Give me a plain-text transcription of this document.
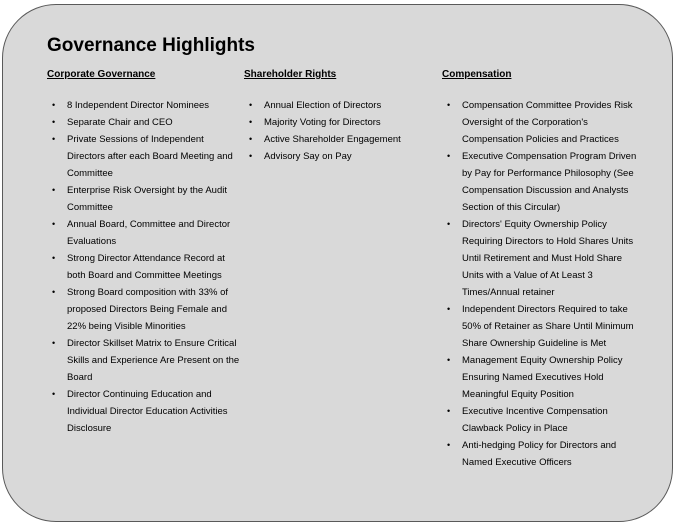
Governance Highlights
Corporate Governance
• 8 Independent Director Nominees
• Separate Chair and CEO
• Private Sessions of Independent Directors after each Board Meeting and Committee
• Enterprise Risk Oversight by the Audit Committee
• Annual Board, Committee and Director Evaluations
• Strong Director Attendance Record at both Board and Committee Meetings
• Strong Board composition with 33% of proposed Directors Being Female and 22% being Visible Minorities
• Director Skillset Matrix to Ensure Critical Skills and Experience Are Present on the Board
• Director Continuing Education and Individual Director Education Activities Disclosure
Shareholder Rights
• Annual Election of Directors
• Majority Voting for Directors
• Active Shareholder Engagement
• Advisory Say on Pay
Compensation
• Compensation Committee Provides Risk Oversight of the Corporation's Compensation Policies and Practices
• Executive Compensation Program Driven by Pay for Performance Philosophy (See Compensation Discussion and Analysts Section of this Circular)
• Directors' Equity Ownership Policy Requiring Directors to Hold Shares Units Until Retirement and Must Hold Share Units with a Value of At Least 3 Times/Annual retainer
• Independent Directors Required to take 50% of Retainer as Share Until Minimum Share Ownership Guideline is Met
• Management Equity Ownership Policy Ensuring Named Executives Hold Meaningful Equity Position
• Executive Incentive Compensation Clawback Policy in Place
• Anti-hedging Policy for Directors and Named Executive Officers
